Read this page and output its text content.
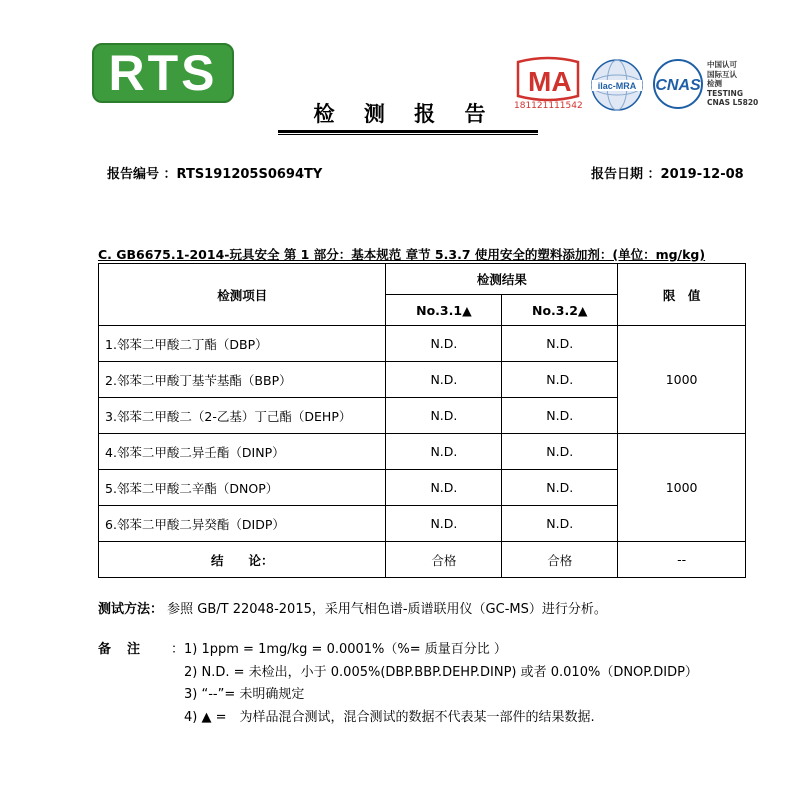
RTS	MA
181121111542
ilac-MRA CNAS
中国认可
国际互认
检测
TESTING
CNAS L5820
检 测 报 告
报告编号 ：RTS191205S0694TY	报告日期 ：2019-12-08
C. GB6675.1-2014-玩具安全 第 1 部分：基本规范 章节 5.3.7 使用安全的塑料添加剂：(单位：mg/kg)
检测项目	检测结果		限　值
	No.3.1▲	No.3.2▲	
1.邻苯二甲酸二丁酯（DBP）	N.D.	N.D.	1000
2.邻苯二甲酸丁基苄基酯（BBP）	N.D.	N.D.	
3.邻苯二甲酸二（2-乙基）丁己酯（DEHP）	N.D.	N.D.	
4.邻苯二甲酸二异壬酯（DINP）	N.D.	N.D.	1000
5.邻苯二甲酸二辛酯（DNOP）	N.D.	N.D.	
6.邻苯二甲酸二异癸酯（DIDP）	N.D.	N.D.	
结　　论：	合格	合格	--
测试方法： 参照 GB/T 22048-2015，采用气相色谱-质谱联用仪（GC-MS）进行分析。
备注	：1) 1ppm = 1mg/kg = 0.0001%（%= 质量百分比 ）
　2) N.D. = 未检出，小于 0.005%(DBP.BBP.DEHP.DINP) 或者 0.010%（DNOP.DIDP）
　3) “--”= 未明确规定
　4) ▲ =　为样品混合测试，混合测试的数据不代表某一部件的结果数据.
